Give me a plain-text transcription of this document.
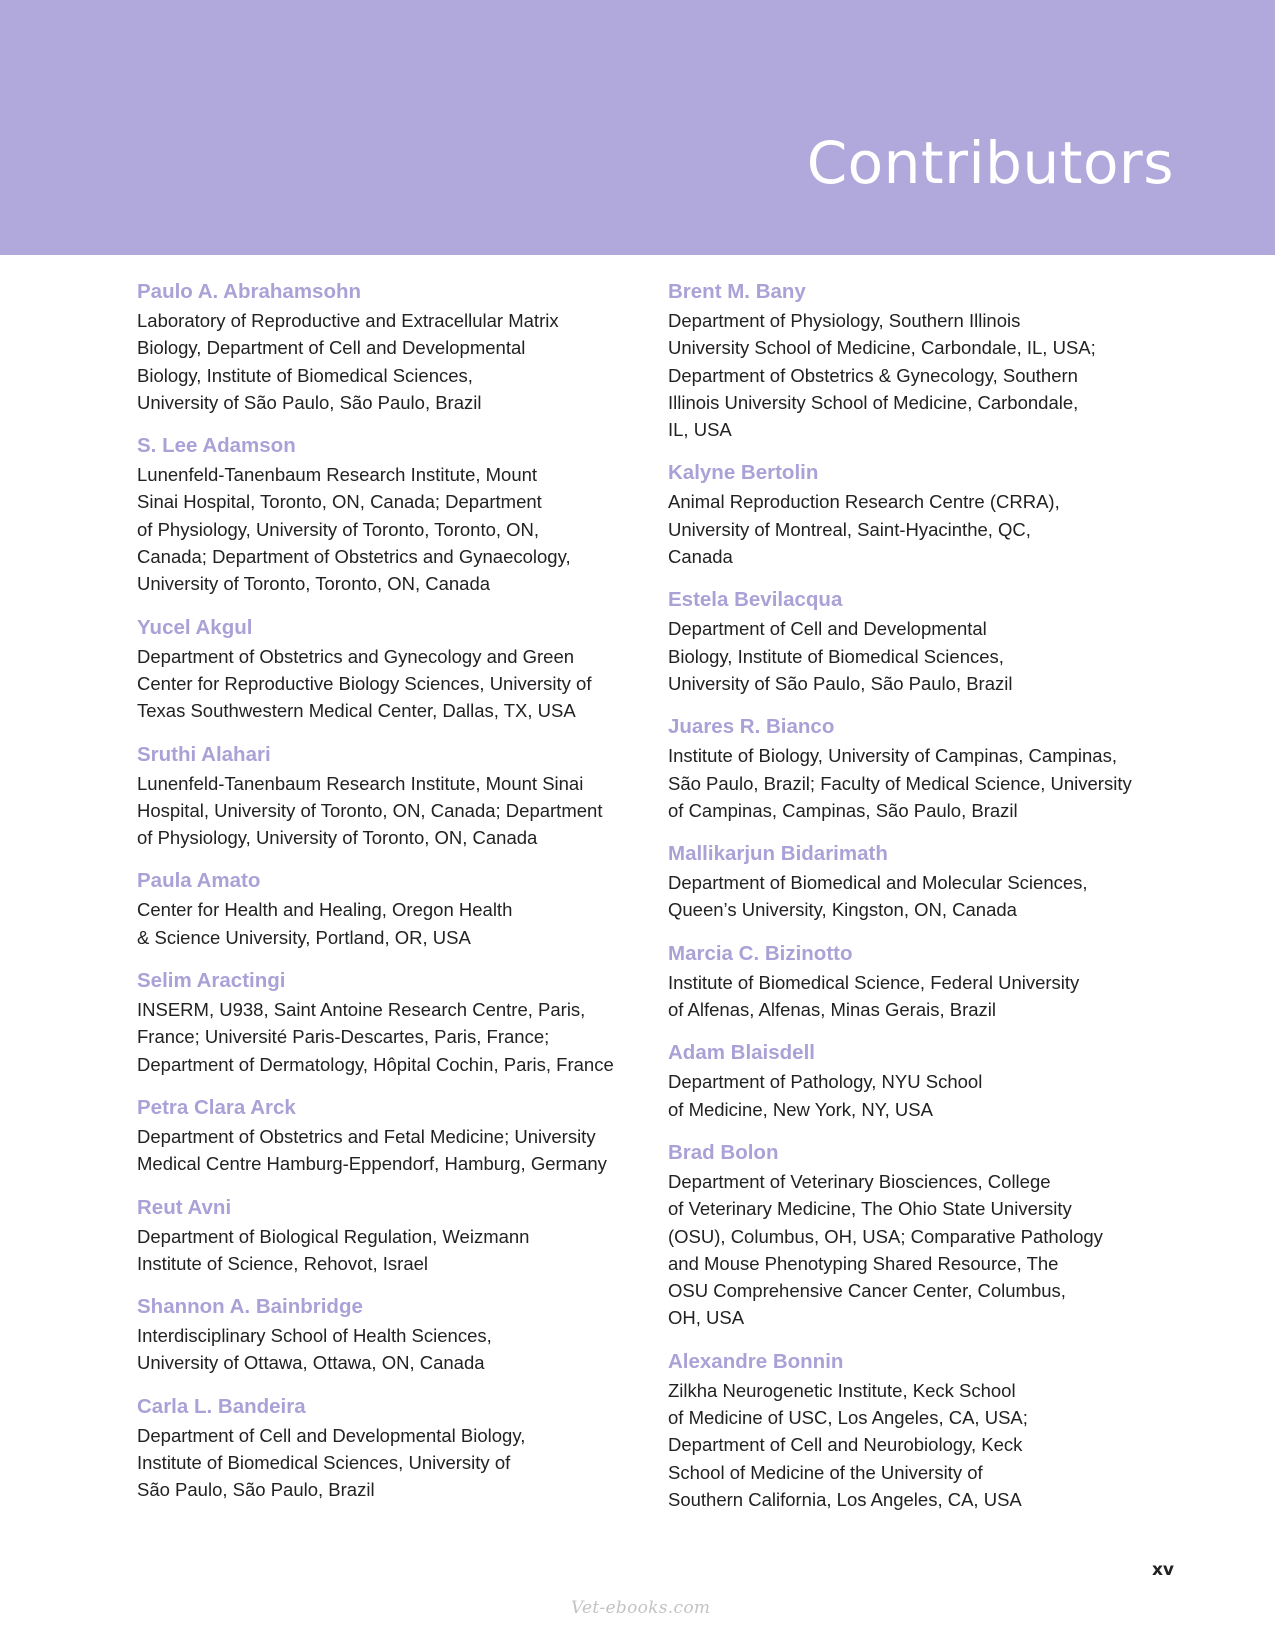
Contributors
Paulo A. Abrahamsohn
Laboratory of Reproductive and Extracellular Matrix
Biology, Department of Cell and Developmental
Biology, Institute of Biomedical Sciences,
University of São Paulo, São Paulo, Brazil
S. Lee Adamson
Lunenfeld-Tanenbaum Research Institute, Mount
Sinai Hospital, Toronto, ON, Canada; Department
of Physiology, University of Toronto, Toronto, ON,
Canada; Department of Obstetrics and Gynaecology,
University of Toronto, Toronto, ON, Canada
Yucel Akgul
Department of Obstetrics and Gynecology and Green
Center for Reproductive Biology Sciences, University of
Texas Southwestern Medical Center, Dallas, TX, USA
Sruthi Alahari
Lunenfeld-Tanenbaum Research Institute, Mount Sinai
Hospital, University of Toronto, ON, Canada; Department
of Physiology, University of Toronto, ON, Canada
Paula Amato
Center for Health and Healing, Oregon Health
& Science University, Portland, OR, USA
Selim Aractingi
INSERM, U938, Saint Antoine Research Centre, Paris,
France; Université Paris-Descartes, Paris, France;
Department of Dermatology, Hôpital Cochin, Paris, France
Petra Clara Arck
Department of Obstetrics and Fetal Medicine; University
Medical Centre Hamburg-Eppendorf, Hamburg, Germany
Reut Avni
Department of Biological Regulation, Weizmann
Institute of Science, Rehovot, Israel
Shannon A. Bainbridge
Interdisciplinary School of Health Sciences,
University of Ottawa, Ottawa, ON, Canada
Carla L. Bandeira
Department of Cell and Developmental Biology,
Institute of Biomedical Sciences, University of
São Paulo, São Paulo, Brazil
Brent M. Bany
Department of Physiology, Southern Illinois
University School of Medicine, Carbondale, IL, USA;
Department of Obstetrics & Gynecology, Southern
Illinois University School of Medicine, Carbondale,
IL, USA
Kalyne Bertolin
Animal Reproduction Research Centre (CRRA),
University of Montreal, Saint-Hyacinthe, QC,
Canada
Estela Bevilacqua
Department of Cell and Developmental
Biology, Institute of Biomedical Sciences,
University of São Paulo, São Paulo, Brazil
Juares R. Bianco
Institute of Biology, University of Campinas, Campinas,
São Paulo, Brazil; Faculty of Medical Science, University
of Campinas, Campinas, São Paulo, Brazil
Mallikarjun Bidarimath
Department of Biomedical and Molecular Sciences,
Queen’s University, Kingston, ON, Canada
Marcia C. Bizinotto
Institute of Biomedical Science, Federal University
of Alfenas, Alfenas, Minas Gerais, Brazil
Adam Blaisdell
Department of Pathology, NYU School
of Medicine, New York, NY, USA
Brad Bolon
Department of Veterinary Biosciences, College
of Veterinary Medicine, The Ohio State University
(OSU), Columbus, OH, USA; Comparative Pathology
and Mouse Phenotyping Shared Resource, The
OSU Comprehensive Cancer Center, Columbus,
OH, USA
Alexandre Bonnin
Zilkha Neurogenetic Institute, Keck School
of Medicine of USC, Los Angeles, CA, USA;
Department of Cell and Neurobiology, Keck
School of Medicine of the University of
Southern California, Los Angeles, CA, USA
xv
Vet-ebooks.com
